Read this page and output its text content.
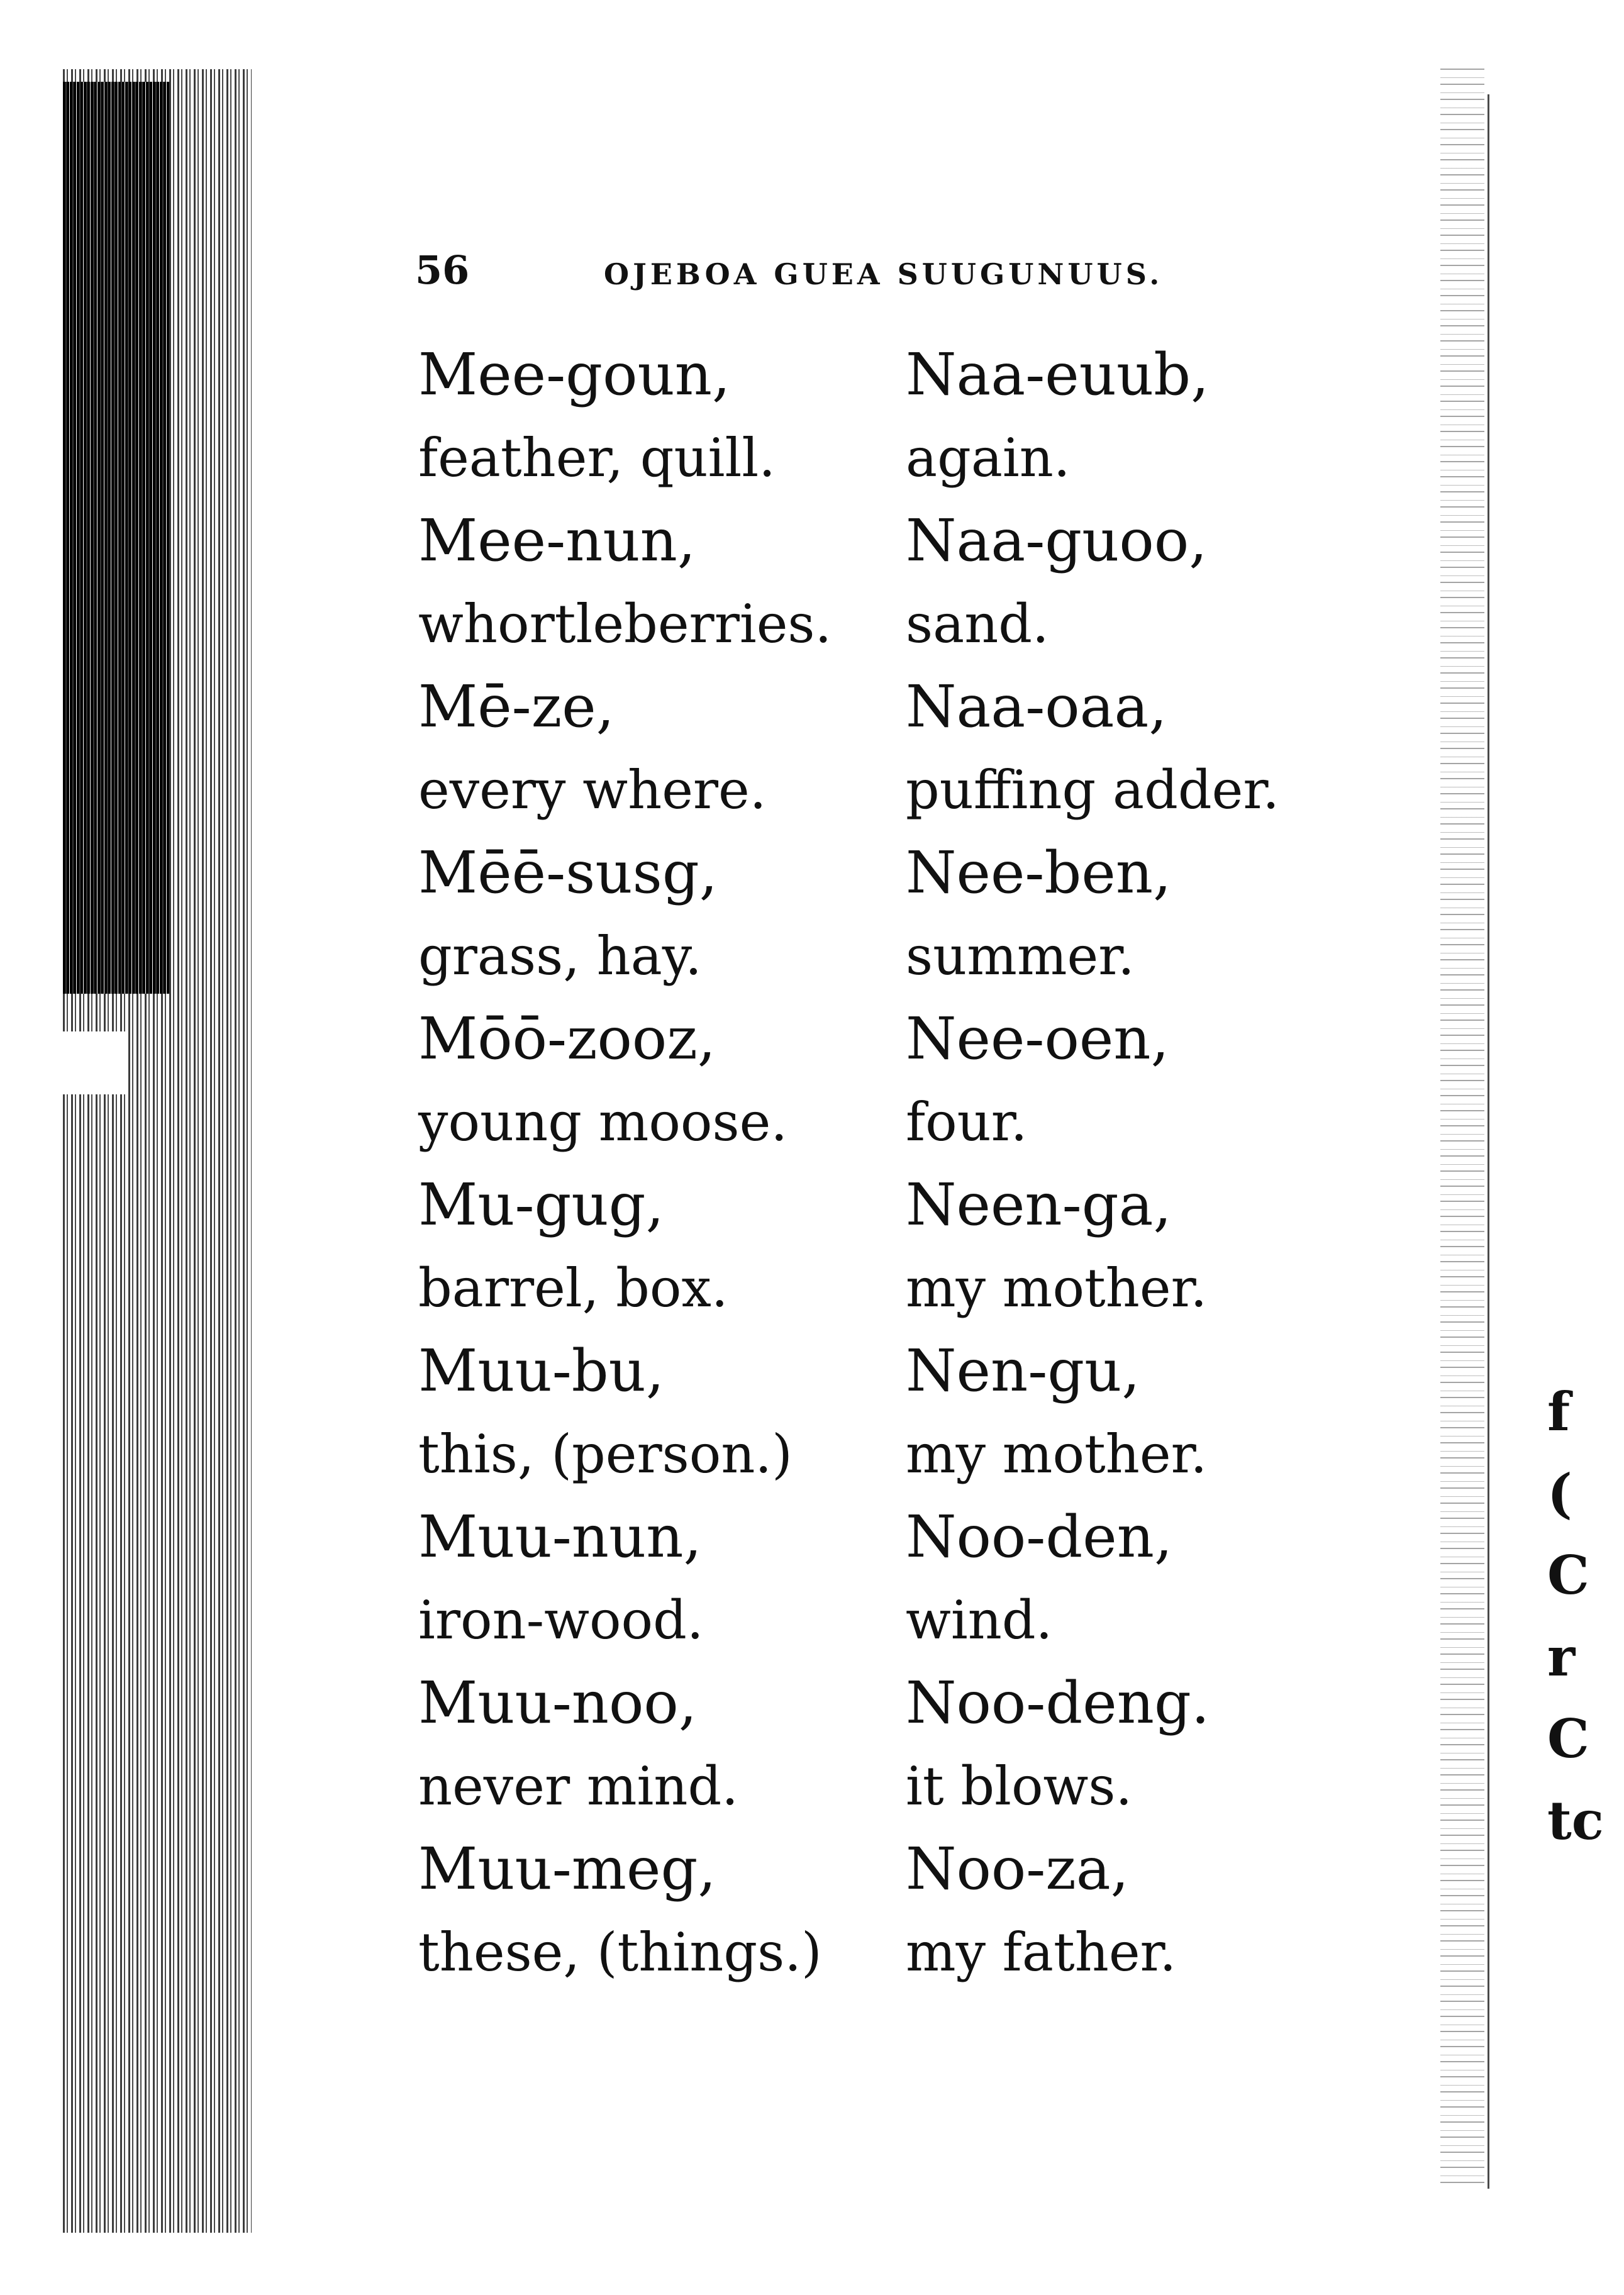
56	OJEBOA GUEA SUUGUNUUS.
Mee-goun,
feather, quill.
Mee-nun,
whortleberries.
Mē-ze,
every where.
Mēē-susg,
grass, hay.
Mōō-zooz,
young moose.
Mu-gug,
barrel, box.
Muu-bu,
this, (person.)
Muu-nun,
iron-wood.
Muu-noo,
never mind.
Muu-meg,
these, (things.)
Naa-euub,
again.
Naa-guoo,
sand.
Naa-oaa,
puffing adder.
Nee-ben,
summer.
Nee-oen,
four.
Neen-ga,
my mother.
Nen-gu,
my mother.
Noo-den,
wind.
Noo-deng.
it blows.
Noo-za,
my father.
f
(
C
r
C
tc
